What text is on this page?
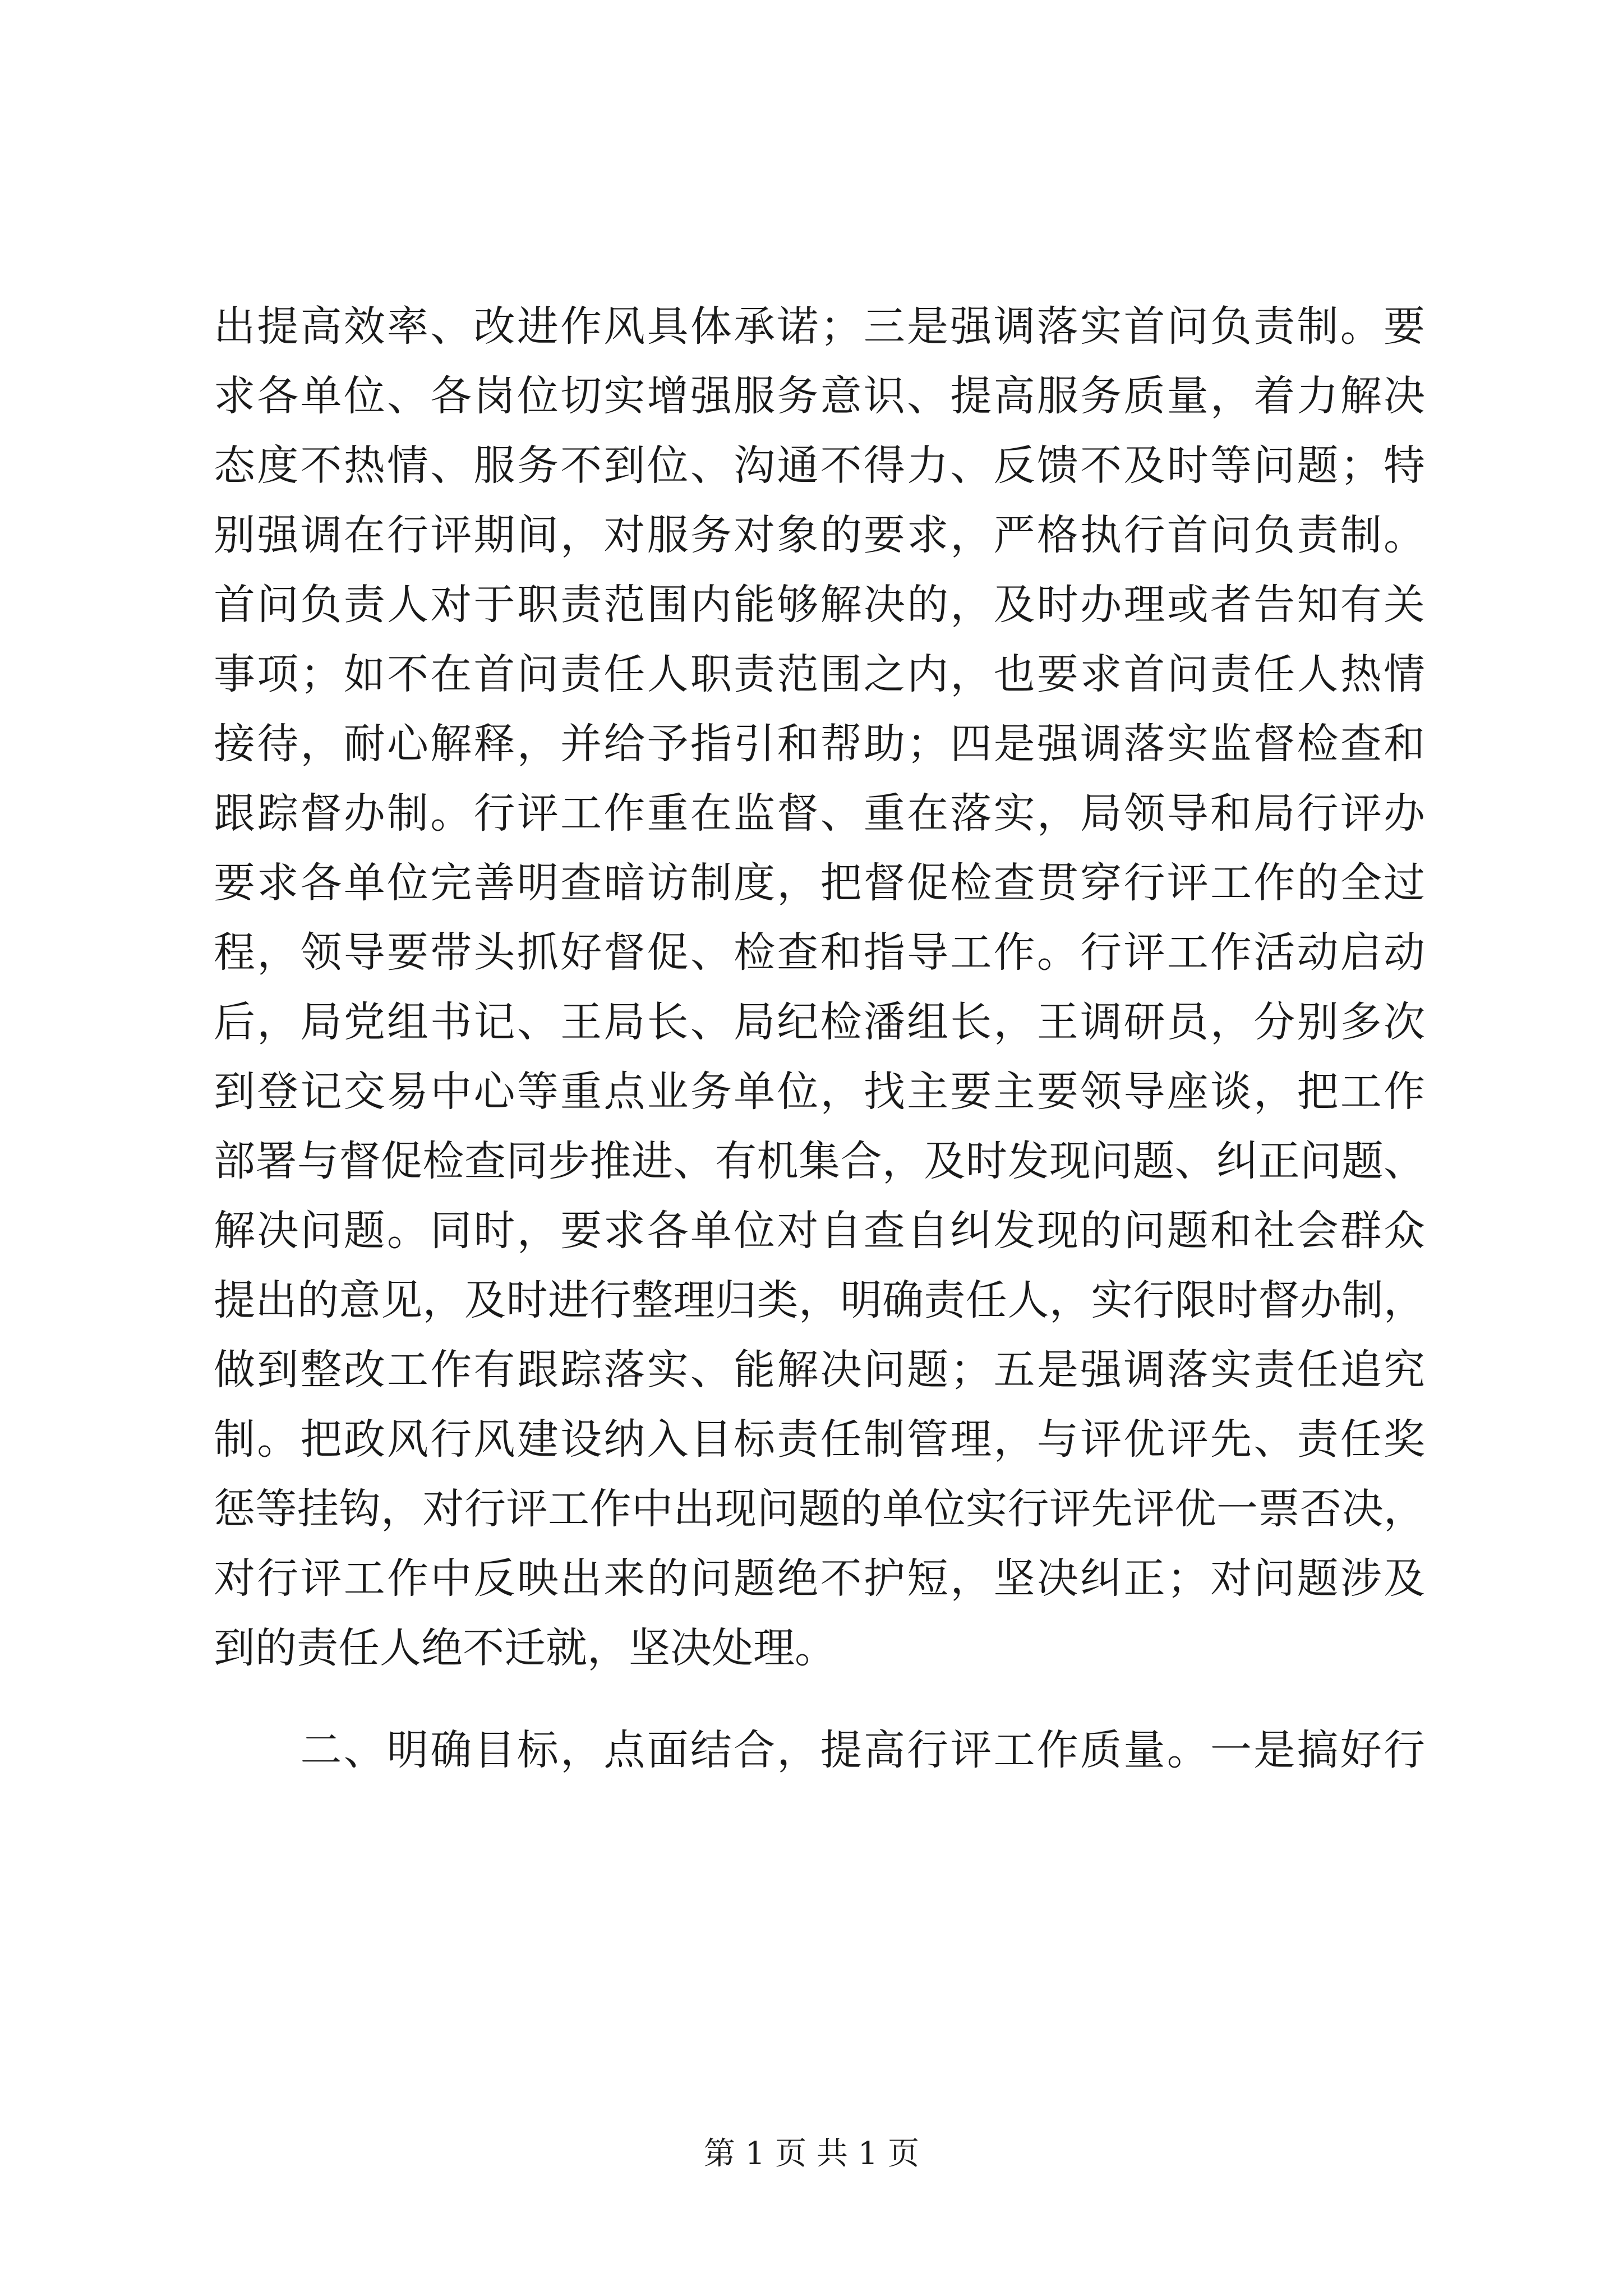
出提高效率、改进作风具体承诺；三是强调落实首问负责制。要
求各单位、各岗位切实增强服务意识、提高服务质量，着力解决
态度不热情、服务不到位、沟通不得力、反馈不及时等问题；特
别强调在行评期间，对服务对象的要求，严格执行首问负责制。
首问负责人对于职责范围内能够解决的，及时办理或者告知有关
事项；如不在首问责任人职责范围之内，也要求首问责任人热情
接待，耐心解释，并给予指引和帮助；四是强调落实监督检查和
跟踪督办制。行评工作重在监督、重在落实，局领导和局行评办
要求各单位完善明查暗访制度，把督促检查贯穿行评工作的全过
程，领导要带头抓好督促、检查和指导工作。行评工作活动启动
后，局党组书记、王局长、局纪检潘组长，王调研员，分别多次
到登记交易中心等重点业务单位，找主要主要领导座谈，把工作
部署与督促检查同步推进、有机集合，及时发现问题、纠正问题、
解决问题。同时，要求各单位对自查自纠发现的问题和社会群众
提出的意见，及时进行整理归类，明确责任人，实行限时督办制，
做到整改工作有跟踪落实、能解决问题；五是强调落实责任追究
制。把政风行风建设纳入目标责任制管理，与评优评先、责任奖
惩等挂钩，对行评工作中出现问题的单位实行评先评优一票否决，
对行评工作中反映出来的问题绝不护短，坚决纠正；对问题涉及
到的责任人绝不迁就，坚决处理。
　　二、明确目标，点面结合，提高行评工作质量。一是搞好行
第 1 页 共 1 页
